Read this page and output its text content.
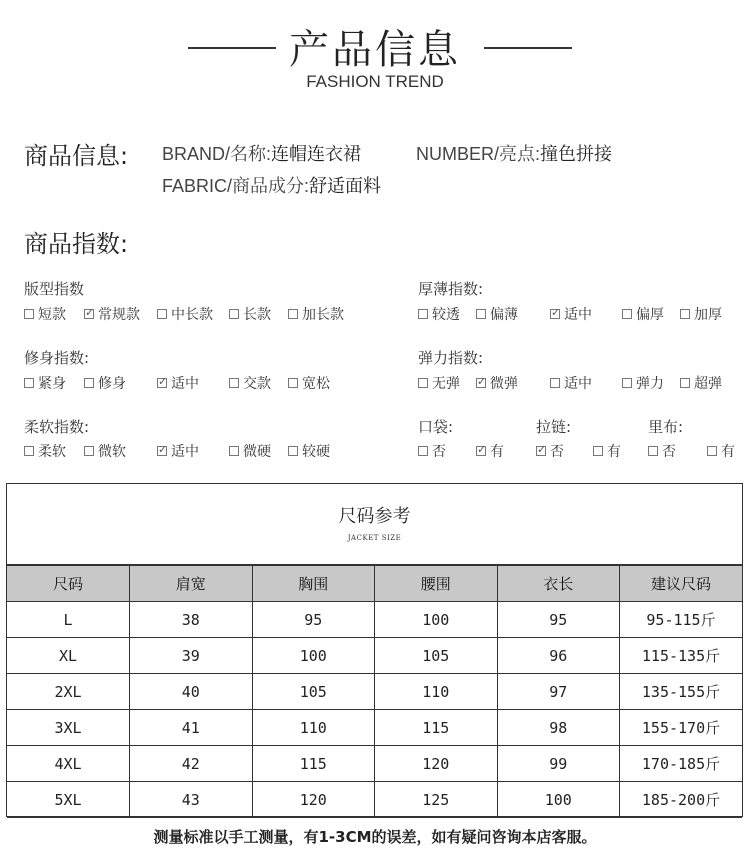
产品信息
FASHION TREND
商品信息: BRAND/名称:连帽连衣裙	NUMBER/亮点:撞色拼接
FABRIC/商品成分:舒适面料
商品指数:
版型指数
短款 ✓ 常规款 中长款 长款 加长款
厚薄指数:
较透 偏薄 ✓	适中	偏厚 加厚
修身指数:
紧身 修身 ✓	适中	交款 宽松
弹力指数:
无弹 ✓ 微弹	适中	弹力 超弹
柔软指数:
柔软 微软 ✓	适中	微硬 较硬
口袋:
否 ✓	有
拉链:
✓
否	有
里布:
否	有
尺码参考
JACKET SIZE
尺码	肩宽	胸围	腰围	衣长	建议尺码
L	38	95	100	95	95-115斤
XL	39	100	105	96	115-135斤
2XL	40	105	110	97	135-155斤
3XL	41	110	115	98	155-170斤
4XL	42	115	120	99	170-185斤
5XL	43	120	125	100	185-200斤
测量标准以手工测量，有1-3CM的误差，如有疑问咨询本店客服。
